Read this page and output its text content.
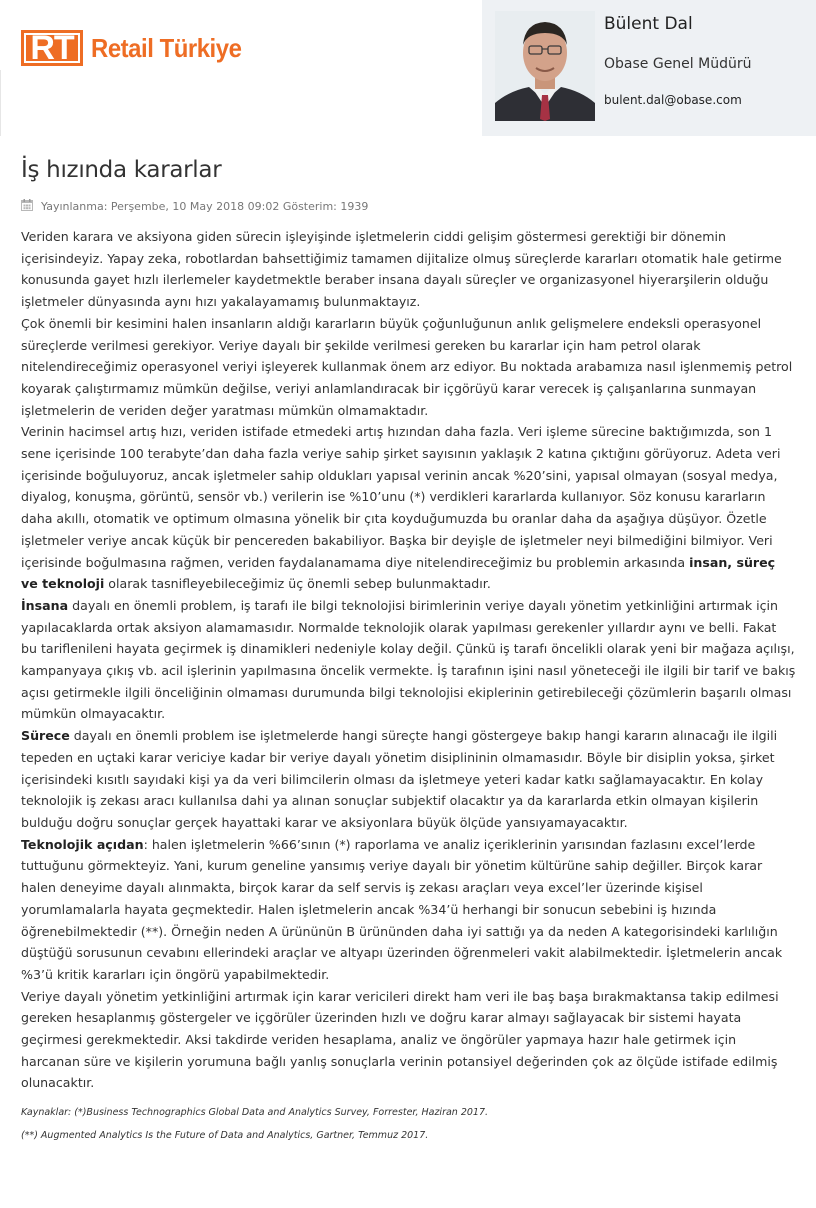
RT Retail Türkiye
Bülent Dal
Obase Genel Müdürü
bulent.dal@obase.com
İş hızında kararlar
Yayınlanma: Perşembe, 10 May 2018 09:02 Gösterim: 1939

Veriden karara ve aksiyona giden sürecin işleyişinde işletmelerin ciddi gelişim göstermesi gerektiği bir dönemin içerisindeyiz. Yapay zeka, robotlardan bahsettiğimiz tamamen dijitalize olmuş süreçlerde kararları otomatik hale getirme konusunda gayet hızlı ilerlemeler kaydetmektle beraber insana dayalı süreçler ve organizasyonel hiyerarşilerin olduğu işletmeler dünyasında aynı hızı yakalayamamış bulunmaktayız.

Çok önemli bir kesimini halen insanların aldığı kararların büyük çoğunluğunun anlık gelişmelere endeksli operasyonel süreçlerde verilmesi gerekiyor. Veriye dayalı bir şekilde verilmesi gereken bu kararlar için ham petrol olarak nitelendireceğimiz operasyonel veriyi işleyerek kullanmak önem arz ediyor. Bu noktada arabamıza nasıl işlenmemiş petrol koyarak çalıştırmamız mümkün değilse, veriyi anlamlandıracak bir içgörüyü karar verecek iş çalışanlarına sunmayan işletmelerin de veriden değer yaratması mümkün olmamaktadır.

Verinin hacimsel artış hızı, veriden istifade etmedeki artış hızından daha fazla. Veri işleme sürecine baktığımızda, son 1 sene içerisinde 100 terabyte’dan daha fazla veriye sahip şirket sayısının yaklaşık 2 katına çıktığını görüyoruz. Adeta veri içerisinde boğuluyoruz, ancak işletmeler sahip oldukları yapısal verinin ancak %20’sini, yapısal olmayan (sosyal medya, diyalog, konuşma, görüntü, sensör vb.) verilerin ise %10’unu (*) verdikleri kararlarda kullanıyor. Söz konusu kararların daha akıllı, otomatik ve optimum olmasına yönelik bir çıta koyduğumuzda bu oranlar daha da aşağıya düşüyor. Özetle işletmeler veriye ancak küçük bir pencereden bakabiliyor. Başka bir deyişle de işletmeler neyi bilmediğini bilmiyor. Veri içerisinde boğulmasına rağmen, veriden faydalanamama diye nitelendireceğimiz bu problemin arkasında insan, süreç ve teknoloji olarak tasnifleyebileceğimiz üç önemli sebep bulunmaktadır.

İnsana dayalı en önemli problem, iş tarafı ile bilgi teknolojisi birimlerinin veriye dayalı yönetim yetkinliğini artırmak için yapılacaklarda ortak aksiyon alamamasıdır. Normalde teknolojik olarak yapılması gerekenler yıllardır aynı ve belli. Fakat bu tariflenileni hayata geçirmek iş dinamikleri nedeniyle kolay değil. Çünkü iş tarafı öncelikli olarak yeni bir mağaza açılışı, kampanyaya çıkış vb. acil işlerinin yapılmasına öncelik vermekte. İş tarafının işini nasıl yöneteceği ile ilgili bir tarif ve bakış açısı getirmekle ilgili önceliğinin olmaması durumunda bilgi teknolojisi ekiplerinin getirebileceği çözümlerin başarılı olması mümkün olmayacaktır.

Sürece dayalı en önemli problem ise işletmelerde hangi süreçte hangi göstergeye bakıp hangi kararın alınacağı ile ilgili tepeden en uçtaki karar vericiye kadar bir veriye dayalı yönetim disiplininin olmamasıdır. Böyle bir disiplin yoksa, şirket içerisindeki kısıtlı sayıdaki kişi ya da veri bilimcilerin olması da işletmeye yeteri kadar katkı sağlamayacaktır. En kolay teknolojik iş zekası aracı kullanılsa dahi ya alınan sonuçlar subjektif olacaktır ya da kararlarda etkin olmayan kişilerin bulduğu doğru sonuçlar gerçek hayattaki karar ve aksiyonlara büyük ölçüde yansıyamayacaktır.

Teknolojik açıdan: halen işletmelerin %66’sının (*) raporlama ve analiz içeriklerinin yarısından fazlasını excel’lerde tuttuğunu görmekteyiz. Yani, kurum geneline yansımış veriye dayalı bir yönetim kültürüne sahip değiller. Birçok karar halen deneyime dayalı alınmakta, birçok karar da self servis iş zekası araçları veya excel’ler üzerinde kişisel yorumlamalarla hayata geçmektedir. Halen işletmelerin ancak %34’ü herhangi bir sonucun sebebini iş hızında öğrenebilmektedir (**). Örneğin neden A ürününün B ürününden daha iyi sattığı ya da neden A kategorisindeki karlılığın düştüğü sorusunun cevabını ellerindeki araçlar ve altyapı üzerinden öğrenmeleri vakit alabilmektedir. İşletmelerin ancak %3’ü kritik kararları için öngörü yapabilmektedir.

Veriye dayalı yönetim yetkinliğini artırmak için karar vericileri direkt ham veri ile baş başa bırakmaktansa takip edilmesi gereken hesaplanmış göstergeler ve içgörüler üzerinden hızlı ve doğru karar almayı sağlayacak bir sistemi hayata geçirmesi gerekmektedir. Aksi takdirde veriden hesaplama, analiz ve öngörüler yapmaya hazır hale getirmek için harcanan süre ve kişilerin yorumuna bağlı yanlış sonuçlarla verinin potansiyel değerinden çok az ölçüde istifade edilmiş olunacaktır.

Kaynaklar: (*)Business Technographics Global Data and Analytics Survey, Forrester, Haziran 2017.

(**) Augmented Analytics Is the Future of Data and Analytics, Gartner, Temmuz 2017.
